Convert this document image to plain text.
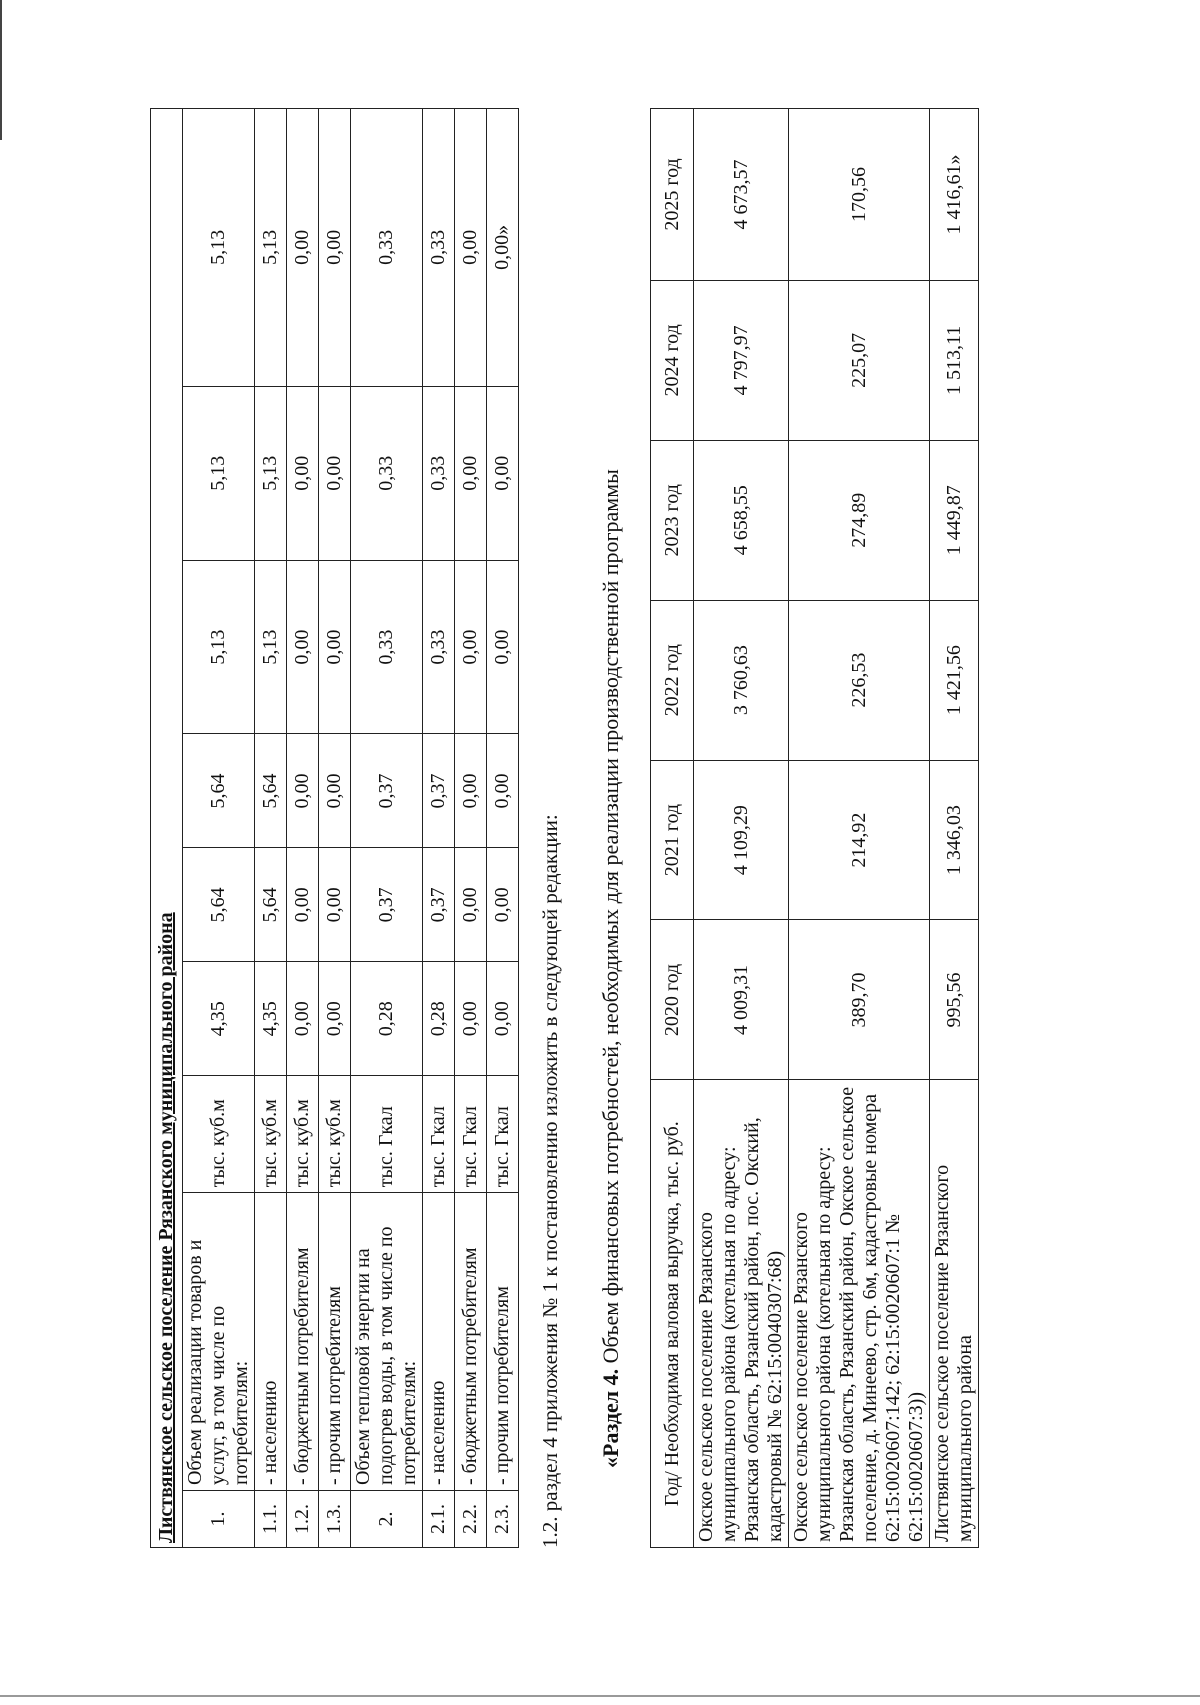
Листвянское сельское поселение Рязанского муниципального района								
1.	Объем реализации товаров и услуг, в том числе по потребителям:	тыс. куб.м	4,35	5,64	5,64	5,13	5,13	5,13
1.1.	- населению	тыс. куб.м	4,35	5,64	5,64	5,13	5,13	5,13
1.2.	- бюджетным потребителям	тыс. куб.м	0,00	0,00	0,00	0,00	0,00	0,00
1.3.	- прочим потребителям	тыс. куб.м	0,00	0,00	0,00	0,00	0,00	0,00
2.	Объем тепловой энергии на подогрев воды, в том числе по потребителям:	тыс. Гкал	0,28	0,37	0,37	0,33	0,33	0,33
2.1.	- населению	тыс. Гкал	0,28	0,37	0,37	0,33	0,33	0,33
2.2.	- бюджетным потребителям	тыс. Гкал	0,00	0,00	0,00	0,00	0,00	0,00
2.3.	- прочим потребителям	тыс. Гкал	0,00	0,00	0,00	0,00	0,00	0,00»
1.2. раздел 4 приложения № 1 к постановлению изложить в следующей редакции: «Раздел 4. Объем финансовых потребностей, необходимых для реализации производственной программы Год/ Необходимая валовая выручка, тыс. руб.	2020 год	2021 год	2022 год	2023 год	2024 год	2025 год
Окское сельское поселение Рязанского муниципального района (котельная по адресу: Рязанская область, Рязанский район, пос. Окский, кадастровый № 62:15:0040307:68)	4 009,31	4 109,29	3 760,63	4 658,55	4 797,97	4 673,57
Окское сельское поселение Рязанского муниципального района (котельная по адресу: Рязанская область, Рязанский район, Окское сельское поселение, д. Минеево, стр. 6м, кадастровые номера 62:15:0020607:142; 62:15:0020607:1 № 62:15:0020607:3))	389,70	214,92	226,53	274,89	225,07	170,56
Листвянское сельское поселение Рязанского муниципального района	995,56	1 346,03	1 421,56	1 449,87	1 513,11	1 416,61»
